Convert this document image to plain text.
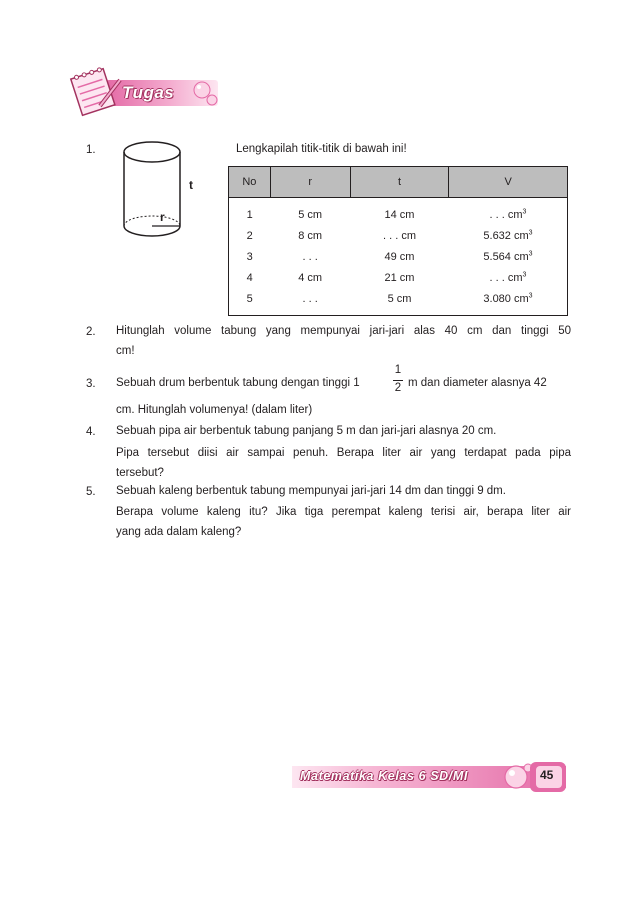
Tugas
1.	Lengkapilah titik-titik di bawah ini!
t
r
No	r	t	V
1	5 cm	14 cm	. . . $cm^3$
2	8 cm	. . . cm	5.632 $cm^3$
3	. . .	49 cm	5.564 $cm^3$
4	4 cm	21 cm	. . . $cm^3$
5	. . .	5 cm	3.080 $cm^3$
2. Hitunglah volume tabung yang mempunyai jari-jari alas 40 cm dan tinggi 50
cm!
3. Sebuah drum berbentuk tabung dengan tinggi 1
1
2 m dan diameter alasnya 42
cm. Hitunglah volumenya! (dalam liter)
4. Sebuah pipa air berbentuk tabung panjang 5 m dan jari-jari alasnya 20 cm.
Pipa tersebut diisi air sampai penuh. Berapa liter air yang terdapat pada pipa
tersebut?
5. Sebuah kaleng berbentuk tabung mempunyai jari-jari 14 dm dan tinggi 9 dm.
Berapa volume kaleng itu? Jika tiga perempat kaleng terisi air, berapa liter air
yang ada dalam kaleng?
Matematika Kelas 6 SD/MI	45
